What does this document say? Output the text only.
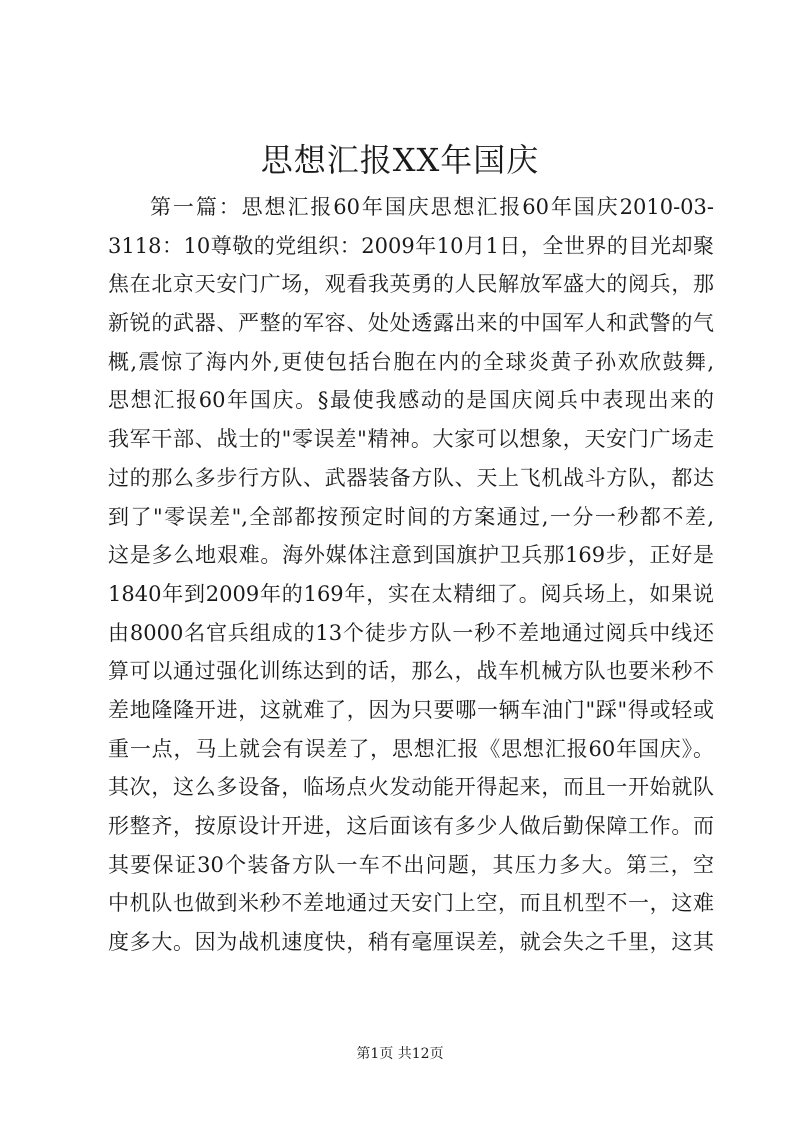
思想汇报XX年国庆
第一篇：思想汇报60年国庆思想汇报60年国庆2010-03-
3118：10尊敬的党组织：2009年10月1日，全世界的目光却聚
焦在北京天安门广场，观看我英勇的人民解放军盛大的阅兵，那
新锐的武器、严整的军容、处处透露出来的中国军人和武警的气
概,震惊了海内外,更使包括台胞在内的全球炎黄子孙欢欣鼓舞,
思想汇报60年国庆。§最使我感动的是国庆阅兵中表现出来的
我军干部、战士的"零误差"精神。大家可以想象，天安门广场走
过的那么多步行方队、武器装备方队、天上飞机战斗方队，都达
到了"零误差",全部都按预定时间的方案通过,一分一秒都不差,
这是多么地艰难。海外媒体注意到国旗护卫兵那169步，正好是
1840年到2009年的169年，实在太精细了。阅兵场上，如果说
由8000名官兵组成的13个徒步方队一秒不差地通过阅兵中线还
算可以通过强化训练达到的话，那么，战车机械方队也要米秒不
差地隆隆开进，这就难了，因为只要哪一辆车油门"踩"得或轻或
重一点，马上就会有误差了，思想汇报《思想汇报60年国庆》。
其次，这么多设备，临场点火发动能开得起来，而且一开始就队
形整齐，按原设计开进，这后面该有多少人做后勤保障工作。而
其要保证30个装备方队一车不出问题，其压力多大。第三，空
中机队也做到米秒不差地通过天安门上空，而且机型不一，这难
度多大。因为战机速度快，稍有毫厘误差，就会失之千里，这其
第1页 共12页
